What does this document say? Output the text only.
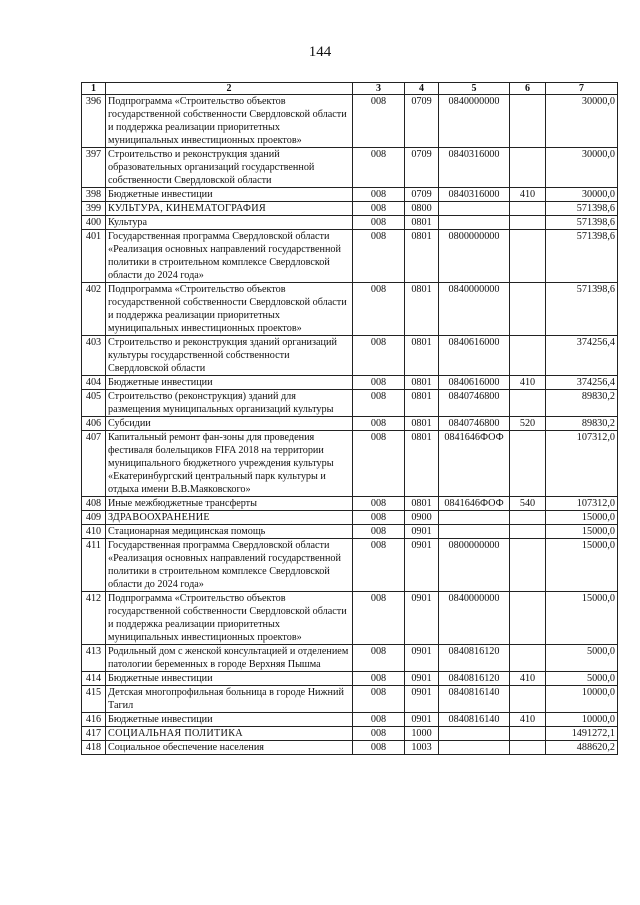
144
1	2	3	4	5	6	7
396	Подпрограмма «Строительство объектов государственной собственности Свердловской области и поддержка реализации приоритетных муниципальных инвестиционных проектов»	008	0709	0840000000		30000,0
397	Строительство и реконструкция зданий образовательных организаций государственной собственности Свердловской области	008	0709	0840316000		30000,0
398	Бюджетные инвестиции	008	0709	0840316000	410	30000,0
399	КУЛЬТУРА, КИНЕМАТОГРАФИЯ	008	0800			571398,6
400	Культура	008	0801			571398,6
401	Государственная программа Свердловской области «Реализация основных направлений государственной политики в строительном комплексе Свердловской области до 2024 года»	008	0801	0800000000		571398,6
402	Подпрограмма «Строительство объектов государственной собственности Свердловской области и поддержка реализации приоритетных муниципальных инвестиционных проектов»	008	0801	0840000000		571398,6
403	Строительство и реконструкция зданий организаций культуры государственной собственности Свердловской области	008	0801	0840616000		374256,4
404	Бюджетные инвестиции	008	0801	0840616000	410	374256,4
405	Строительство (реконструкция) зданий для размещения муниципальных организаций культуры	008	0801	0840746800		89830,2
406	Субсидии	008	0801	0840746800	520	89830,2
407	Капитальный ремонт фан-зоны для проведения фестиваля болельщиков FIFA 2018 на территории муниципального бюджетного учреждения культуры «Екатеринбургский центральный парк культуры и отдыха имени В.В.Маяковского»	008	0801	0841646ФОФ		107312,0
408	Иные межбюджетные трансферты	008	0801	0841646ФОФ	540	107312,0
409	ЗДРАВООХРАНЕНИЕ	008	0900			15000,0
410	Стационарная медицинская помощь	008	0901			15000,0
411	Государственная программа Свердловской области «Реализация основных направлений государственной политики в строительном комплексе Свердловской области до 2024 года»	008	0901	0800000000		15000,0
412	Подпрограмма «Строительство объектов государственной собственности Свердловской области и поддержка реализации приоритетных муниципальных инвестиционных проектов»	008	0901	0840000000		15000,0
413	Родильный дом с женской консультацией и отделением патологии беременных в городе Верхняя Пышма	008	0901	0840816120		5000,0
414	Бюджетные инвестиции	008	0901	0840816120	410	5000,0
415	Детская многопрофильная больница в городе Нижний Тагил	008	0901	0840816140		10000,0
416	Бюджетные инвестиции	008	0901	0840816140	410	10000,0
417	СОЦИАЛЬНАЯ ПОЛИТИКА	008	1000			1491272,1
418	Социальное обеспечение населения	008	1003			488620,2
